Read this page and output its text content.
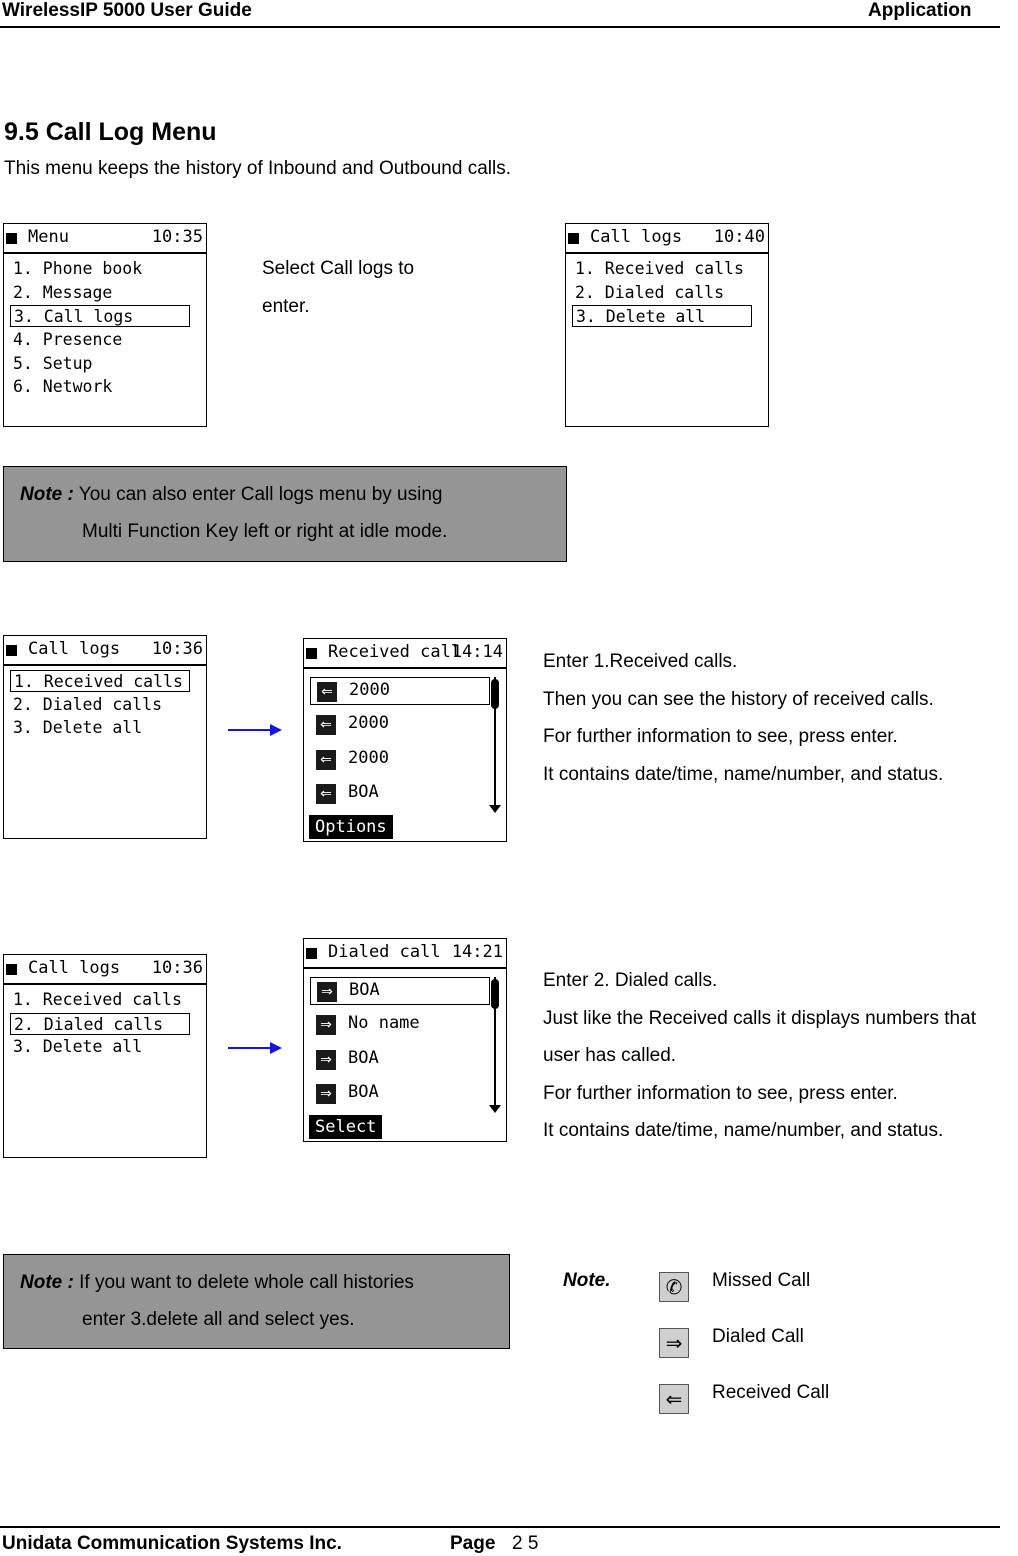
WirelessIP 5000 User Guide	Application
9.5 Call Log Menu
This menu keeps the history of Inbound and Outbound calls.
Menu	10:35
1. Phone book
2. Message
3. Call logs
4. Presence
5. Setup
6. Network
Select Call logs to
enter.
Call logs 10:40
1. Received calls
2. Dialed calls
3. Delete all
Note : You can also enter Call logs menu by using
Multi Function Key left or right at idle mode.
Call logs 10:36
1. Received calls
2. Dialed calls
3. Delete all
Received call
14:14
⇐ 2000
⇐ 2000
⇐ 2000
⇐ BOA
Options
Enter 1.Received calls.
Then you can see the history of received calls.
For further information to see, press enter.
It contains date/time, name/number, and status.
Call logs 10:36
1. Received calls
2. Dialed calls
3. Delete all
Dialed call 14:21
⇒ BOA
⇒ No name
⇒ BOA
⇒ BOA
Select
Enter 2. Dialed calls.
Just like the Received calls it displays numbers that
user has called.
For further information to see, press enter.
It contains date/time, name/number, and status.
Note : If you want to delete whole call histories
enter 3.delete all and select yes.
Note.	✆	Missed Call
⇒	Dialed Call
⇐	Received Call
Unidata Communication Systems Inc.	Page 2 5
